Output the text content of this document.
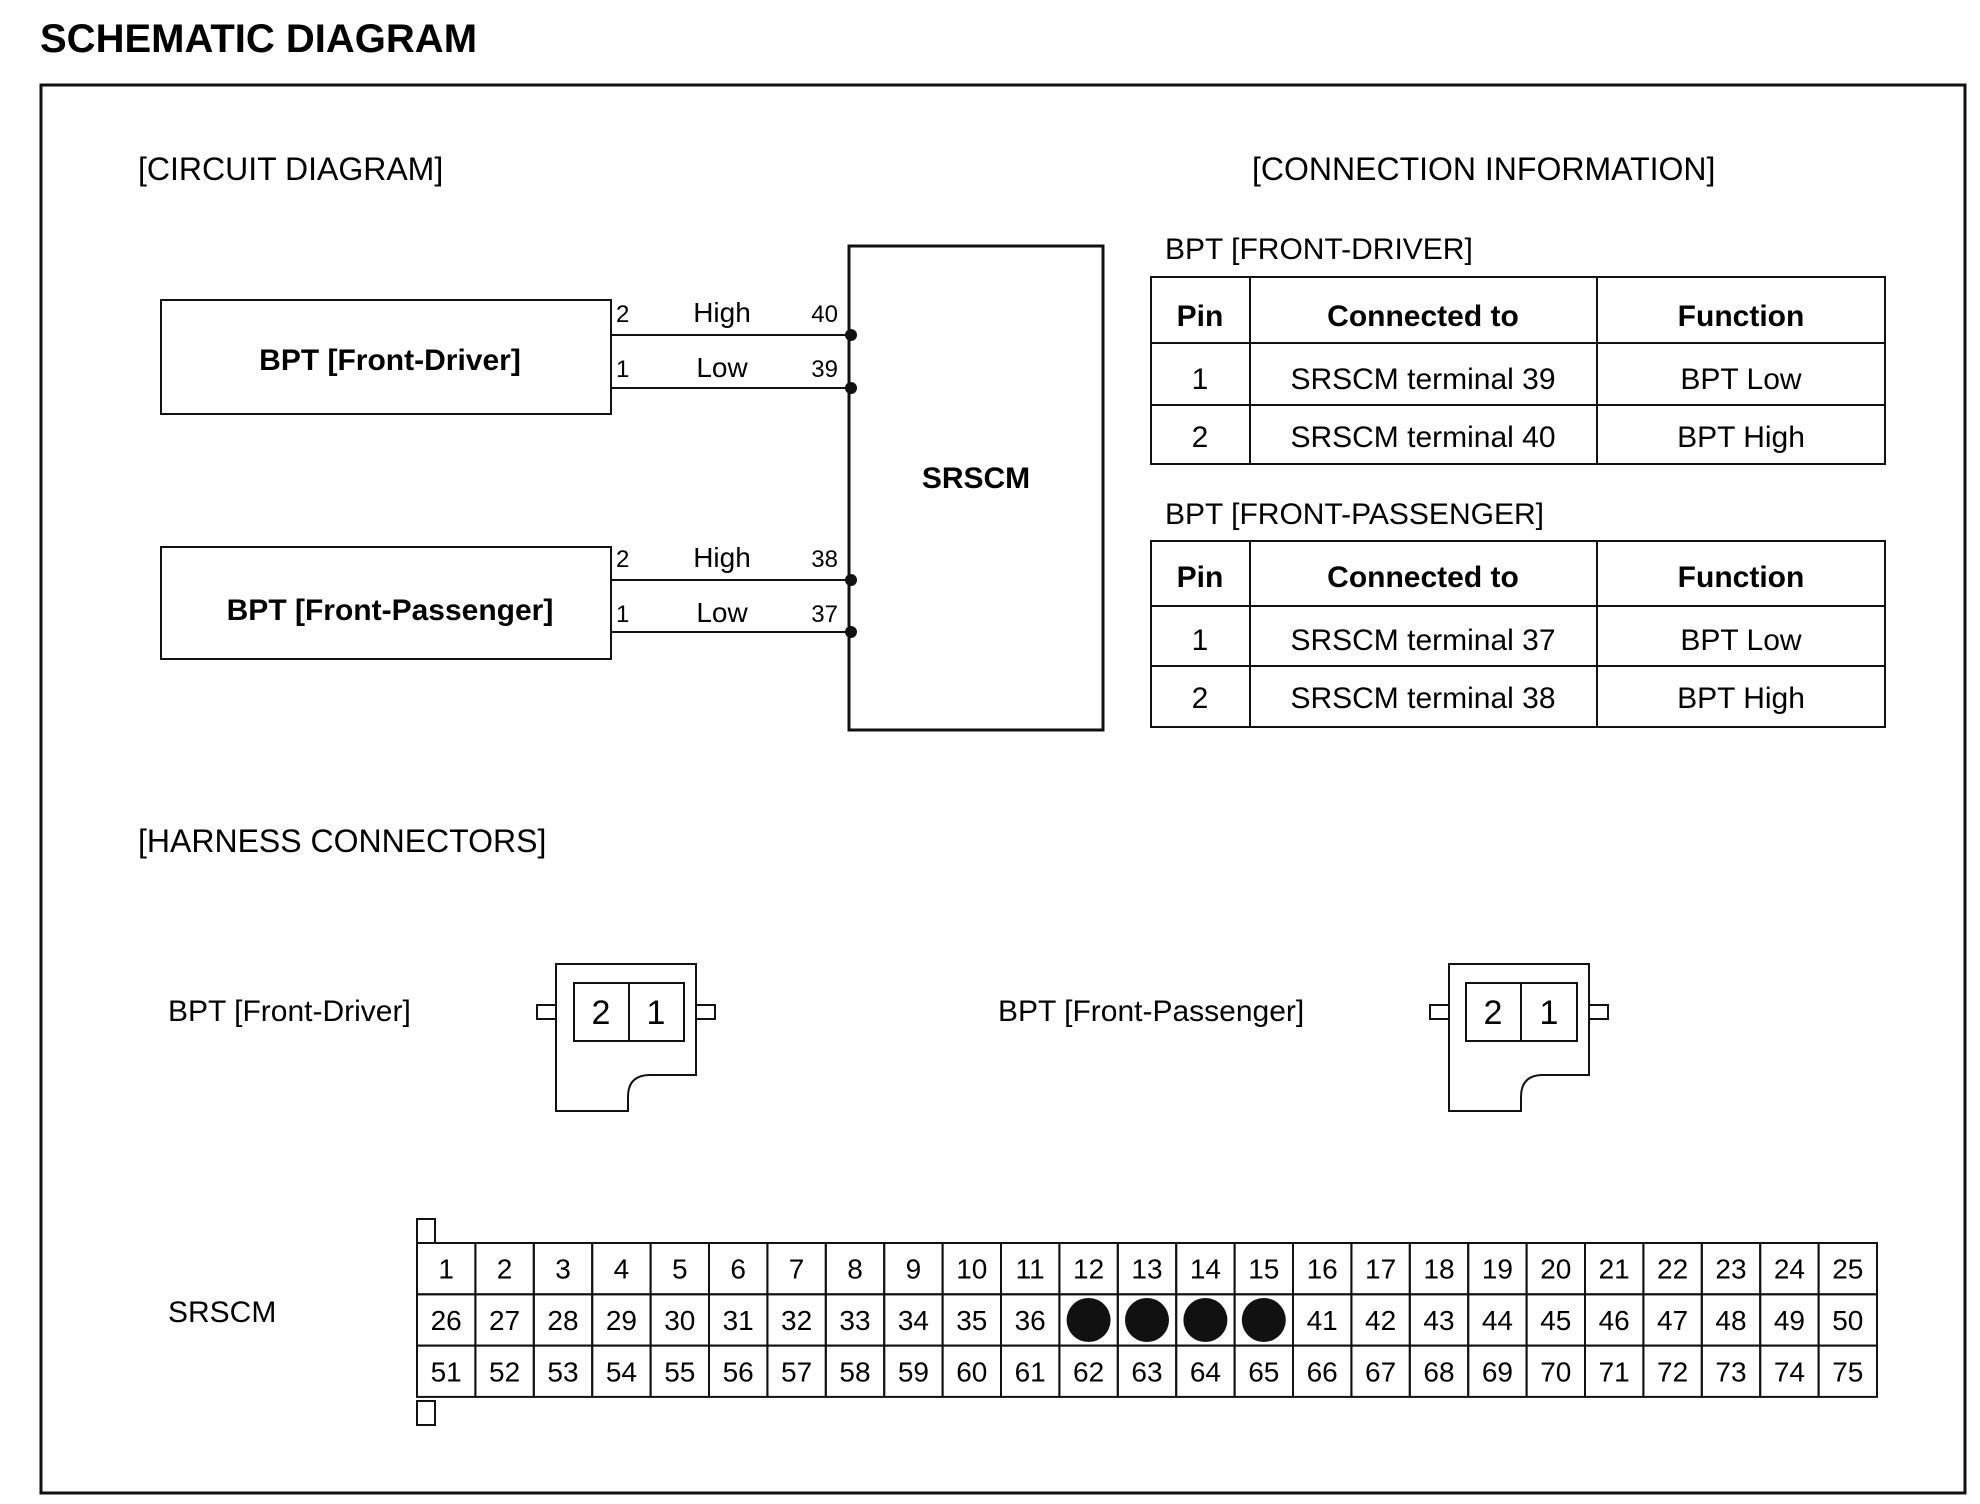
SCHEMATIC DIAGRAM
[CIRCUIT DIAGRAM]	[CONNECTION INFORMATION]
[HARNESS CONNECTORS]
SRSCM
BPT [Front-Driver]
2 High	40
1 Low	39
BPT [Front-Passenger]
2 High	38
1 Low	37
BPT [FRONT-DRIVER]
Pin	Connected to	Function
1	SRSCM terminal 39	BPT Low
2	SRSCM terminal 40	BPT High
BPT [FRONT-PASSENGER]
Pin	Connected to	Function
1	SRSCM terminal 37	BPT Low
2	SRSCM terminal 38	BPT High
BPT [Front-Driver]	2 1	BPT [Front-Passenger]	2 1
SRSCM
1 2 3 4 5 6 7 8 9 10 11 12 13 14 15 16 17 18 19 20 21 22 23 24 25
26 27 28 29 30 31 32 33 34 35 36	41 42 43 44 45 46 47 48 49 50
51 52 53 54 55 56 57 58 59 60 61 62 63 64 65 66 67 68 69 70 71 72 73 74 75
